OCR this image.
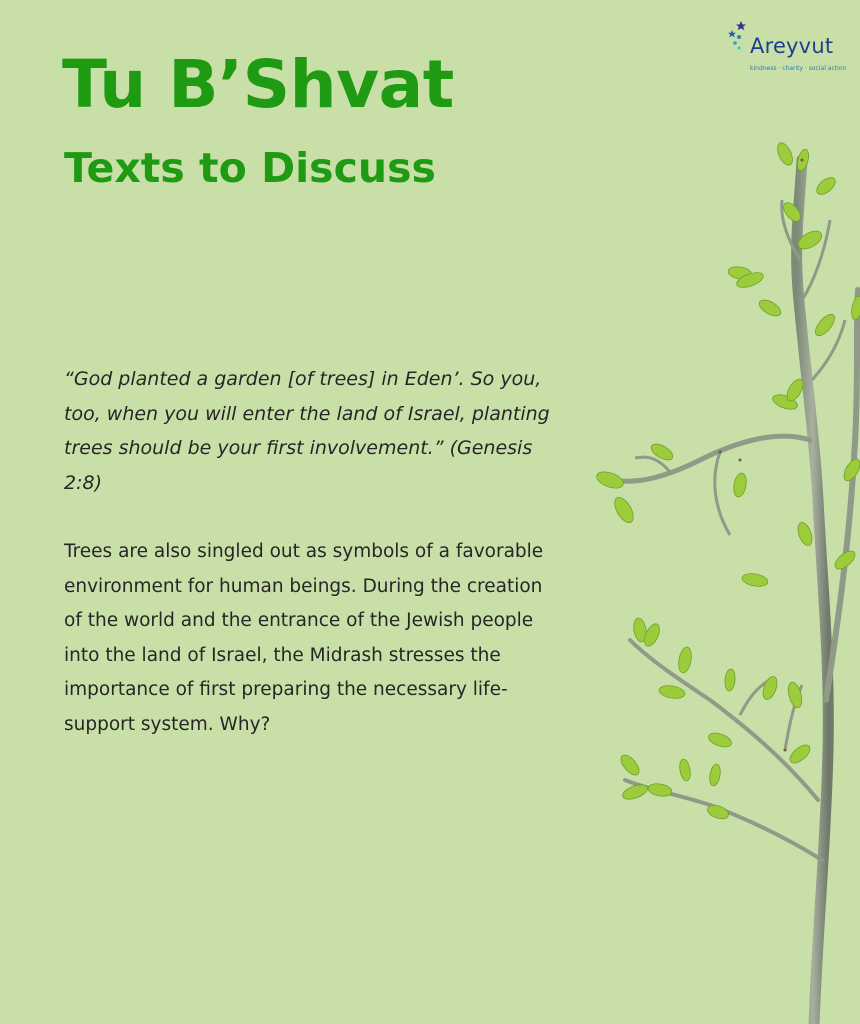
Areyvut
kindness · charity · social action
Tu B’Shvat
Texts to Discuss

“God planted a garden [of trees] in Eden’. So you, too, when you will enter the land of Israel, planting trees should be your first involvement.” (Genesis 2:8)

Trees are also singled out as symbols of a favorable environment for human beings. During the creation of the world and the entrance of the Jewish people into the land of Israel, the Midrash stresses the importance of first preparing the necessary life-support system. Why?
